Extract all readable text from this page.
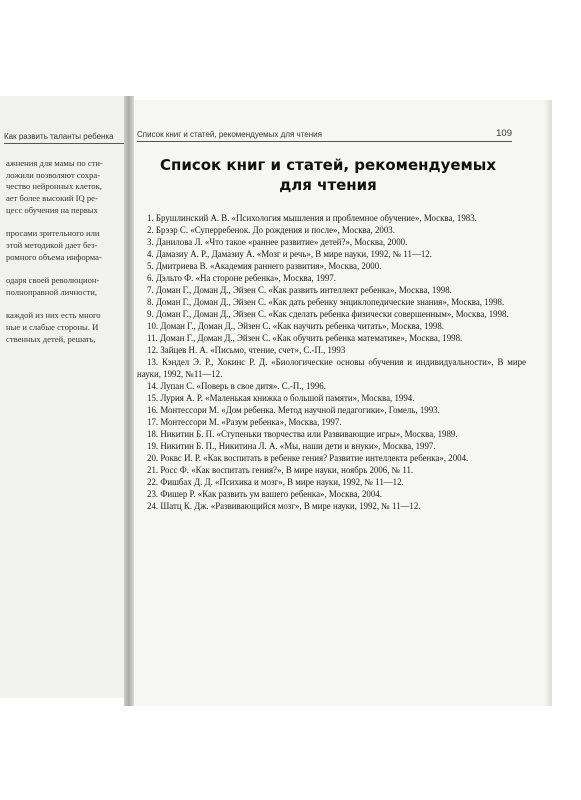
Как развить таланты ребенка
ажнения для мамы по сти-
ложили позволяют сохра-
чество нейронных клеток,
ает более высокий IQ ре-
цесс обучения на первых

просами зрительного или
этой методикой дает без-
ромного объема информа-

одаря своей революцион-
полноправной личности,

каждой из них есть много
ные и слабые стороны. И
ственных детей, решать,
Список книг и статей, рекомендуемых для чтения	109
Список книг и статей, рекомендуемых для чтения

1. Брушлинский А. В. «Психология мышления и проблемное обучение», Москва, 1983.

2. Брээр С. «Суперребенок. До рождения и после», Москва, 2003.

3. Данилова Л. «Что такое «раннее развитие» детей?», Москва, 2000.

4. Дамазиу А. Р., Дамазиу А. «Мозг и речь», В мире науки, 1992, № 11—12.

5. Дмитриева В. «Академия раннего развития», Москва, 2000.

6. Дэльто Ф. «На стороне ребенка», Москва, 1997.

7. Доман Г., Доман Д., Эйзен С. «Как развить интеллект ребенка», Москва, 1998.

8. Доман Г., Доман Д., Эйзен С. «Как дать ребенку энциклопедические знания», Москва, 1998.

9. Доман Г., Доман Д., Эйзен С. «Как сделать ребенка физически совершенным», Москва, 1998.

10. Доман Г., Доман Д., Эйзен С. «Как научить ребенка читать», Москва, 1998.

11. Доман Г., Доман Д., Эйзен С. «Как обучить ребенка математике», Москва, 1998.

12. Зайцев Н. А. «Письмо, чтение, счет», С.-П., 1993

13. Кэндел Э. Р., Хокинс Р. Д. «Биологические основы обучения и индивидуальности», В мире науки, 1992, №11—12.

14. Лупан С. «Поверь в свое дитя». С.-П., 1996.

15. Лурия А. Р. «Маленькая книжка о большой памяти», Москва, 1994.

16. Монтессори М. «Дом ребенка. Метод научной педагогики», Гомель, 1993.

17. Монтессори М. «Разум ребенка», Москва, 1997.

18. Никитин Б. П. «Ступеньки творчества или Развивающие игры», Москва, 1989.

19. Никитин Б. П., Никитина Л. А. «Мы, наши дети и внуки», Москва, 1997.

20. Роквс И. Р. «Как воспитать в ребенке гения? Развитие интеллекта ребенка», 2004.

21. Росс Ф. «Как воспитать гения?», В мире науки, ноябрь 2006, № 11.

22. Фишбах Д. Д. «Психика и мозг», В мире науки, 1992, № 11—12.

23. Фишер Р. «Как развить ум вашего ребенка», Москва, 2004.

24. Шатц К. Дж. «Развивающийся мозг», В мире науки, 1992, № 11—12.
